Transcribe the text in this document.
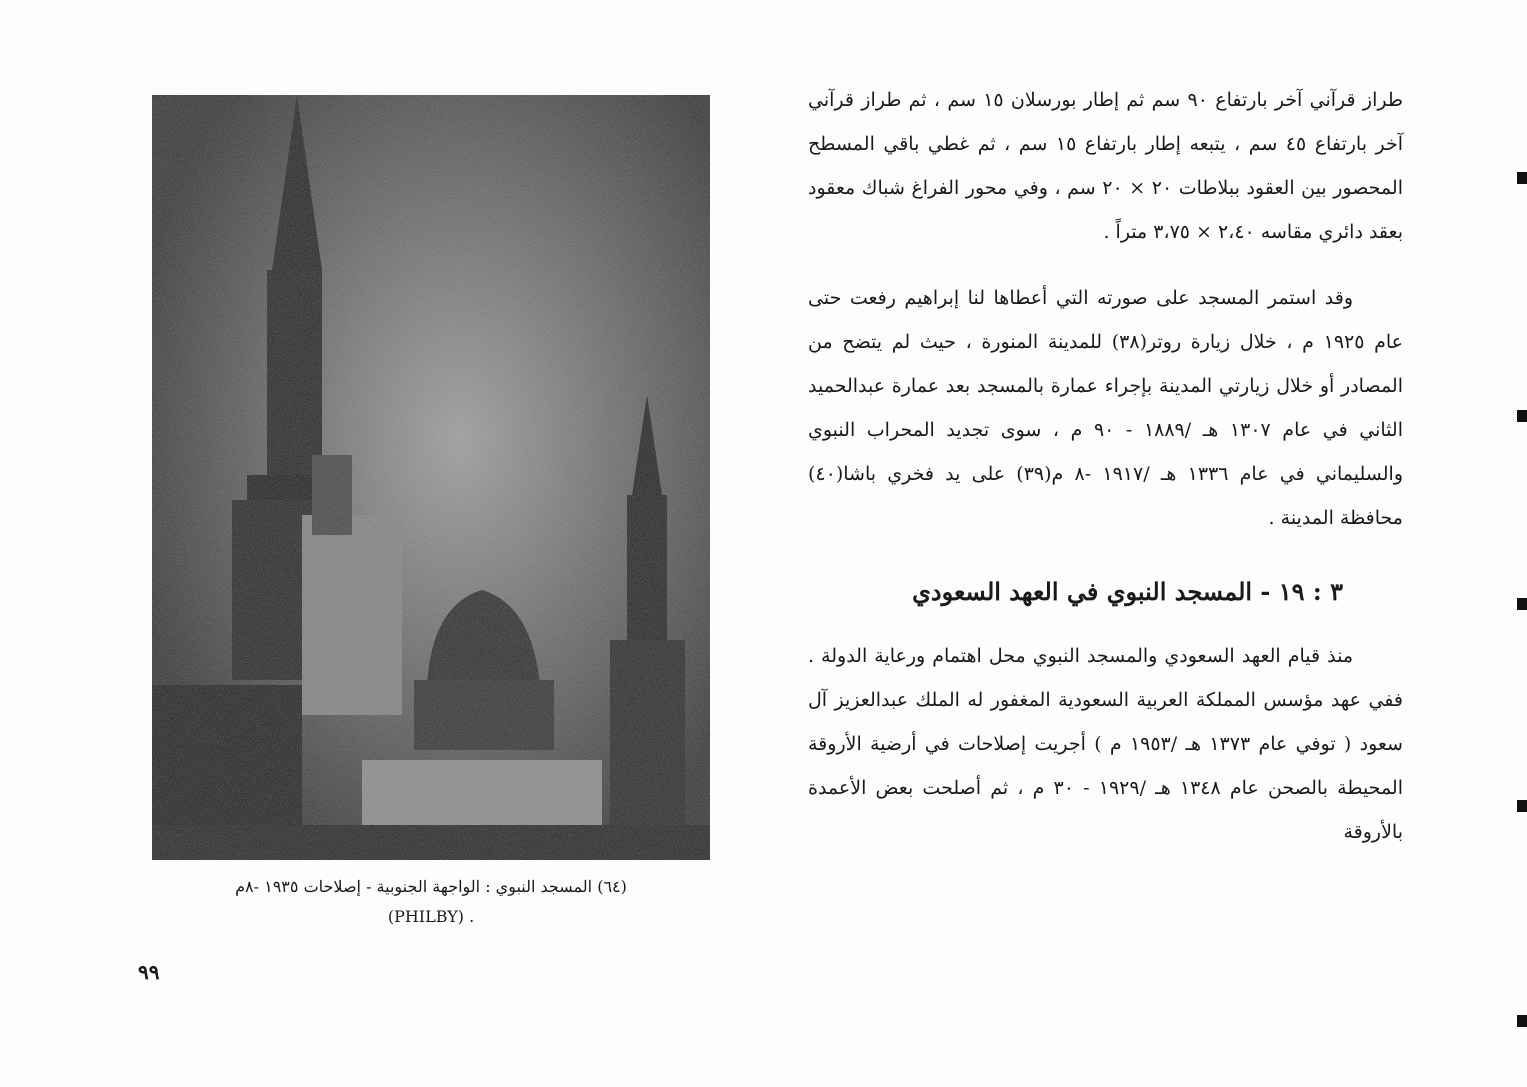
(٦٤) المسجد النبوي : الواجهة الجنوبية - إصلاحات ١٩٣٥ -٨م
. (PHILBY)
٩٩

طراز قرآني آخر بارتفاع ٩٠ سم ثم إطار بورسلان ١٥ سم ، ثم طراز قرآني آخر بارتفاع ٤٥ سم ، يتبعه إطار بارتفاع ١٥ سم ، ثم غطي باقي المسطح المحصور بين العقود ببلاطات ٢٠ × ٢٠ سم ، وفي محور الفراغ شباك معقود بعقد دائري مقاسه ٢،٤٠ × ٣،٧٥ متراً .

وقد استمر المسجد على صورته التي أعطاها لنا إبراهيم رفعت حتى عام ١٩٢٥ م ، خلال زيارة روتر(٣٨) للمدينة المنورة ، حيث لم يتضح من المصادر أو خلال زيارتي المدينة بإجراء عمارة بالمسجد بعد عمارة عبدالحميد الثاني في عام ١٣٠٧ هـ /١٨٨٩ - ٩٠ م ، سوى تجديد المحراب النبوي والسليماني في عام ١٣٣٦ هـ /١٩١٧ -٨ م(٣٩) على يد فخري باشا(٤٠) محافظة المدينة .

٣ : ١٩ - المسجد النبوي في العهد السعودي

منذ قيام العهد السعودي والمسجد النبوي محل اهتمام ورعاية الدولة . ففي عهد مؤسس المملكة العربية السعودية المغفور له الملك عبدالعزيز آل سعود ( توفي عام ١٣٧٣ هـ /١٩٥٣ م ) أجريت إصلاحات في أرضية الأروقة المحيطة بالصحن عام ١٣٤٨ هـ /١٩٢٩ - ٣٠ م ، ثم أصلحت بعض الأعمدة بالأروقة
